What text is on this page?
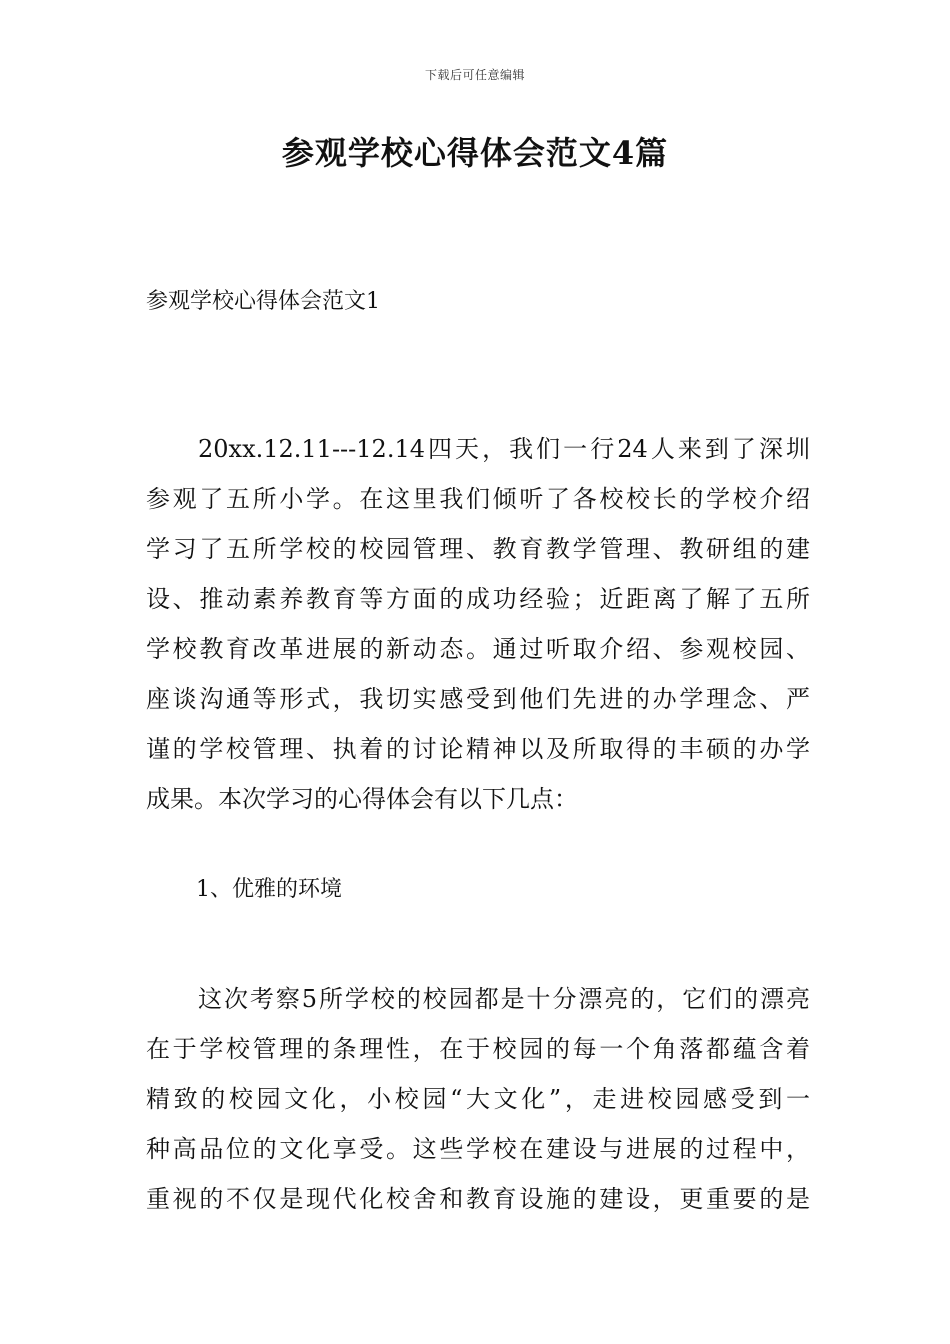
下载后可任意编辑
参观学校心得体会范文4篇
参观学校心得体会范文1
20xx.12.11---12.14四天，我们一行24人来到了深圳
参观了五所小学。在这里我们倾听了各校校长的学校介绍
学习了五所学校的校园管理、教育教学管理、教研组的建
设、推动素养教育等方面的成功经验；近距离了解了五所
学校教育改革进展的新动态。通过听取介绍、参观校园、
座谈沟通等形式，我切实感受到他们先进的办学理念、严
谨的学校管理、执着的讨论精神以及所取得的丰硕的办学
成果。本次学习的心得体会有以下几点：
1、优雅的环境
这次考察5所学校的校园都是十分漂亮的，它们的漂亮
在于学校管理的条理性，在于校园的每一个角落都蕴含着
精致的校园文化，小校园“大文化”，走进校园感受到一
种高品位的文化享受。这些学校在建设与进展的过程中，
重视的不仅是现代化校舍和教育设施的建设，更重要的是
